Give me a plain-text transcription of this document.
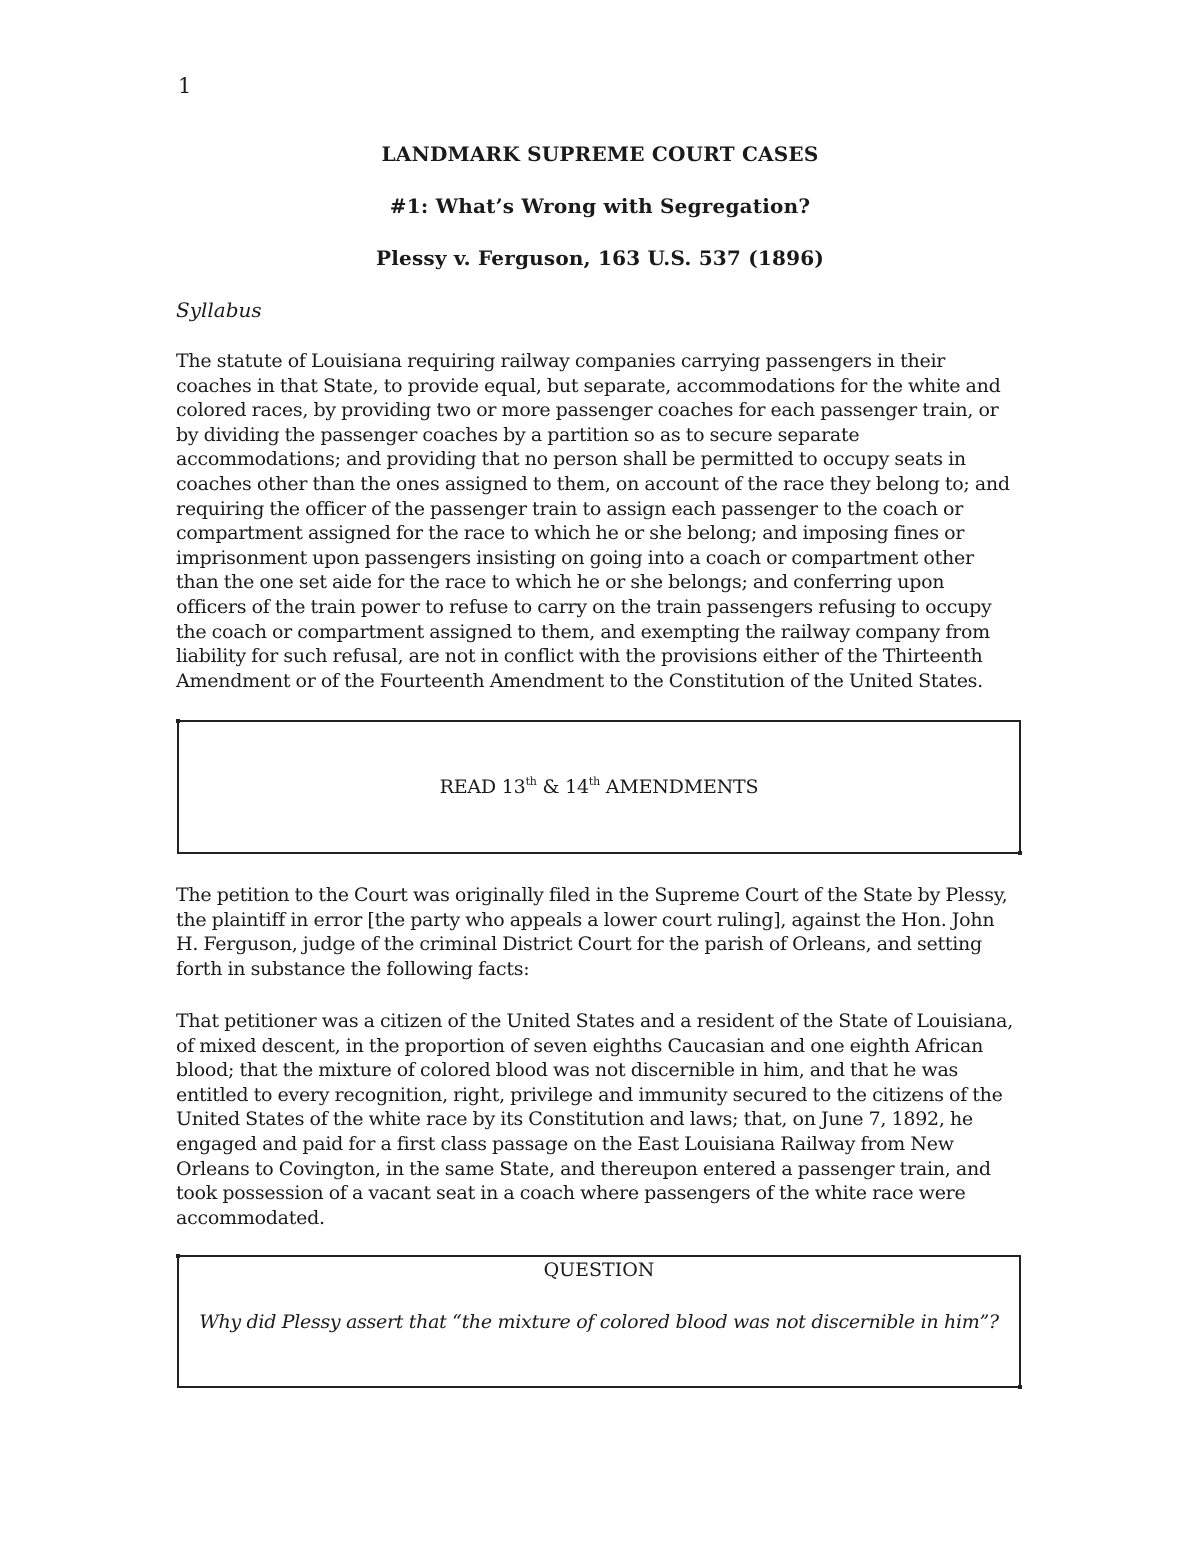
1
LANDMARK SUPREME COURT CASES
#1: What’s Wrong with Segregation?
Plessy v. Ferguson, 163 U.S. 537 (1896)
Syllabus
The statute of Louisiana requiring railway companies carrying passengers in their
coaches in that State, to provide equal, but separate, accommodations for the white and
colored races, by providing two or more passenger coaches for each passenger train, or
by dividing the passenger coaches by a partition so as to secure separate
accommodations; and providing that no person shall be permitted to occupy seats in
coaches other than the ones assigned to them, on account of the race they belong to; and
requiring the officer of the passenger train to assign each passenger to the coach or
compartment assigned for the race to which he or she belong; and imposing fines or
imprisonment upon passengers insisting on going into a coach or compartment other
than the one set aide for the race to which he or she belongs; and conferring upon
officers of the train power to refuse to carry on the train passengers refusing to occupy
the coach or compartment assigned to them, and exempting the railway company from
liability for such refusal, are not in conflict with the provisions either of the Thirteenth
Amendment or of the Fourteenth Amendment to the Constitution of the United States.
READ 13th & 14th AMENDMENTS
The petition to the Court was originally filed in the Supreme Court of the State by Plessy,
the plaintiff in error [the party who appeals a lower court ruling], against the Hon. John
H. Ferguson, judge of the criminal District Court for the parish of Orleans, and setting
forth in substance the following facts:
That petitioner was a citizen of the United States and a resident of the State of Louisiana,
of mixed descent, in the proportion of seven eighths Caucasian and one eighth African
blood; that the mixture of colored blood was not discernible in him, and that he was
entitled to every recognition, right, privilege and immunity secured to the citizens of the
United States of the white race by its Constitution and laws; that, on June 7, 1892, he
engaged and paid for a first class passage on the East Louisiana Railway from New
Orleans to Covington, in the same State, and thereupon entered a passenger train, and
took possession of a vacant seat in a coach where passengers of the white race were
accommodated.
QUESTION
Why did Plessy assert that “the mixture of colored blood was not discernible in him”?
